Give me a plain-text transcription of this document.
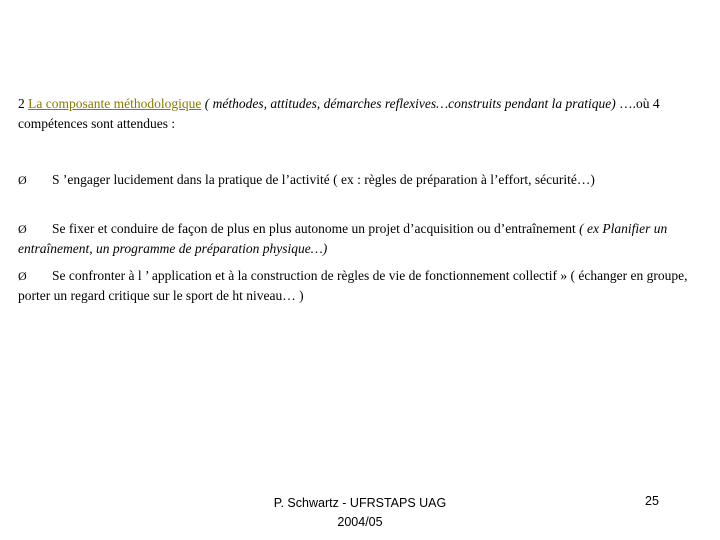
2 La composante méthodologique ( méthodes, attitudes, démarches reflexives…construits pendant la pratique) ….où 4 compétences sont attendues :
Ø S ’engager lucidement dans la pratique de l’activité ( ex : règles de préparation à l’effort, sécurité…)
Ø Se fixer et conduire de façon de plus en plus autonome un projet d’acquisition ou d’entraînement ( ex Planifier un entraînement, un programme de préparation physique…)
Ø Se confronter à l ’ application et à la construction de règles de vie de fonctionnement collectif » ( échanger en groupe, porter un regard critique sur le sport de ht niveau… )
P. Schwartz - UFRSTAPS UAG
2004/05
25
